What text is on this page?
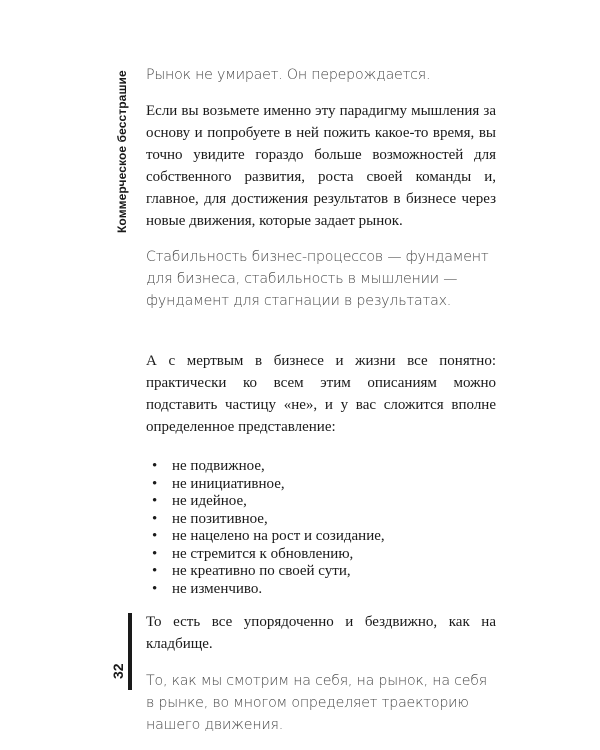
Коммерческое бесстрашие
32

Рынок не умирает. Он перерождается.

Если вы возьмете именно эту парадигму мышления за основу и попробуете в ней пожить какое-то время, вы точно увидите гораздо больше возможностей для собственного развития, роста своей команды и, главное, для достижения результатов в бизнесе через новые движения, которые задает рынок.

Стабильность бизнес-процессов — фундамент для бизнеса, стабильность в мышлении — фундамент для стагнации в результатах.

А с мертвым в бизнесе и жизни все понятно: практически ко всем этим описаниям можно подставить частицу «не», и у вас сложится вполне определенное представление:

• не подвижное,
• не инициативное,
• не идейное,
• не позитивное,
• не нацелено на рост и созидание,
• не стремится к обновлению,
• не креативно по своей сути,
• не изменчиво.

То есть все упорядоченно и бездвижно, как на кладбище.

То, как мы смотрим на себя, на рынок, на себя в рынке, во многом определяет траекторию нашего движения.
